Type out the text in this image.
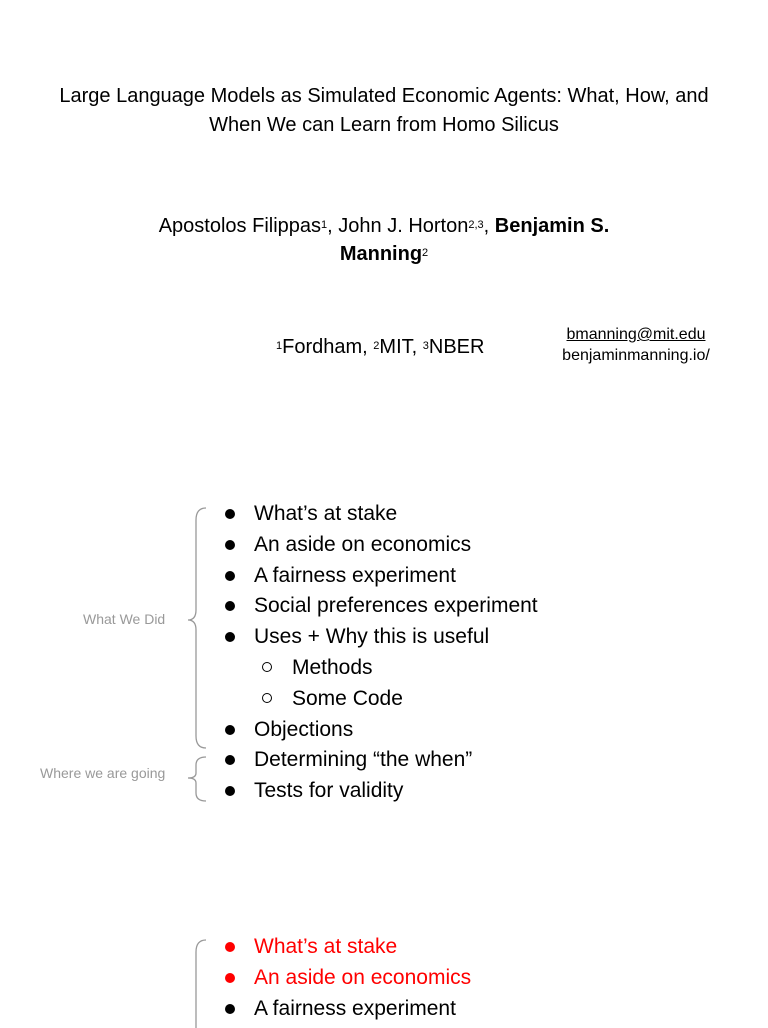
Large Language Models as Simulated Economic Agents: What, How, and
When We can Learn from Homo Silicus
Apostolos Filippas$^1$, John J. Horton$^{2,3}$, Benjamin S.
Manning$^2$
$^1$Fordham, $^2$MIT, $^3$NBER
bmanning@mit.edu
benjaminmanning.io/
What We Did
Where we are going
What’s at stake
An aside on economics
A fairness experiment
Social preferences experiment
Uses + Why this is useful
Methods
Some Code
Objections
Determining “the when”
Tests for validity
What’s at stake
An aside on economics
A fairness experiment
